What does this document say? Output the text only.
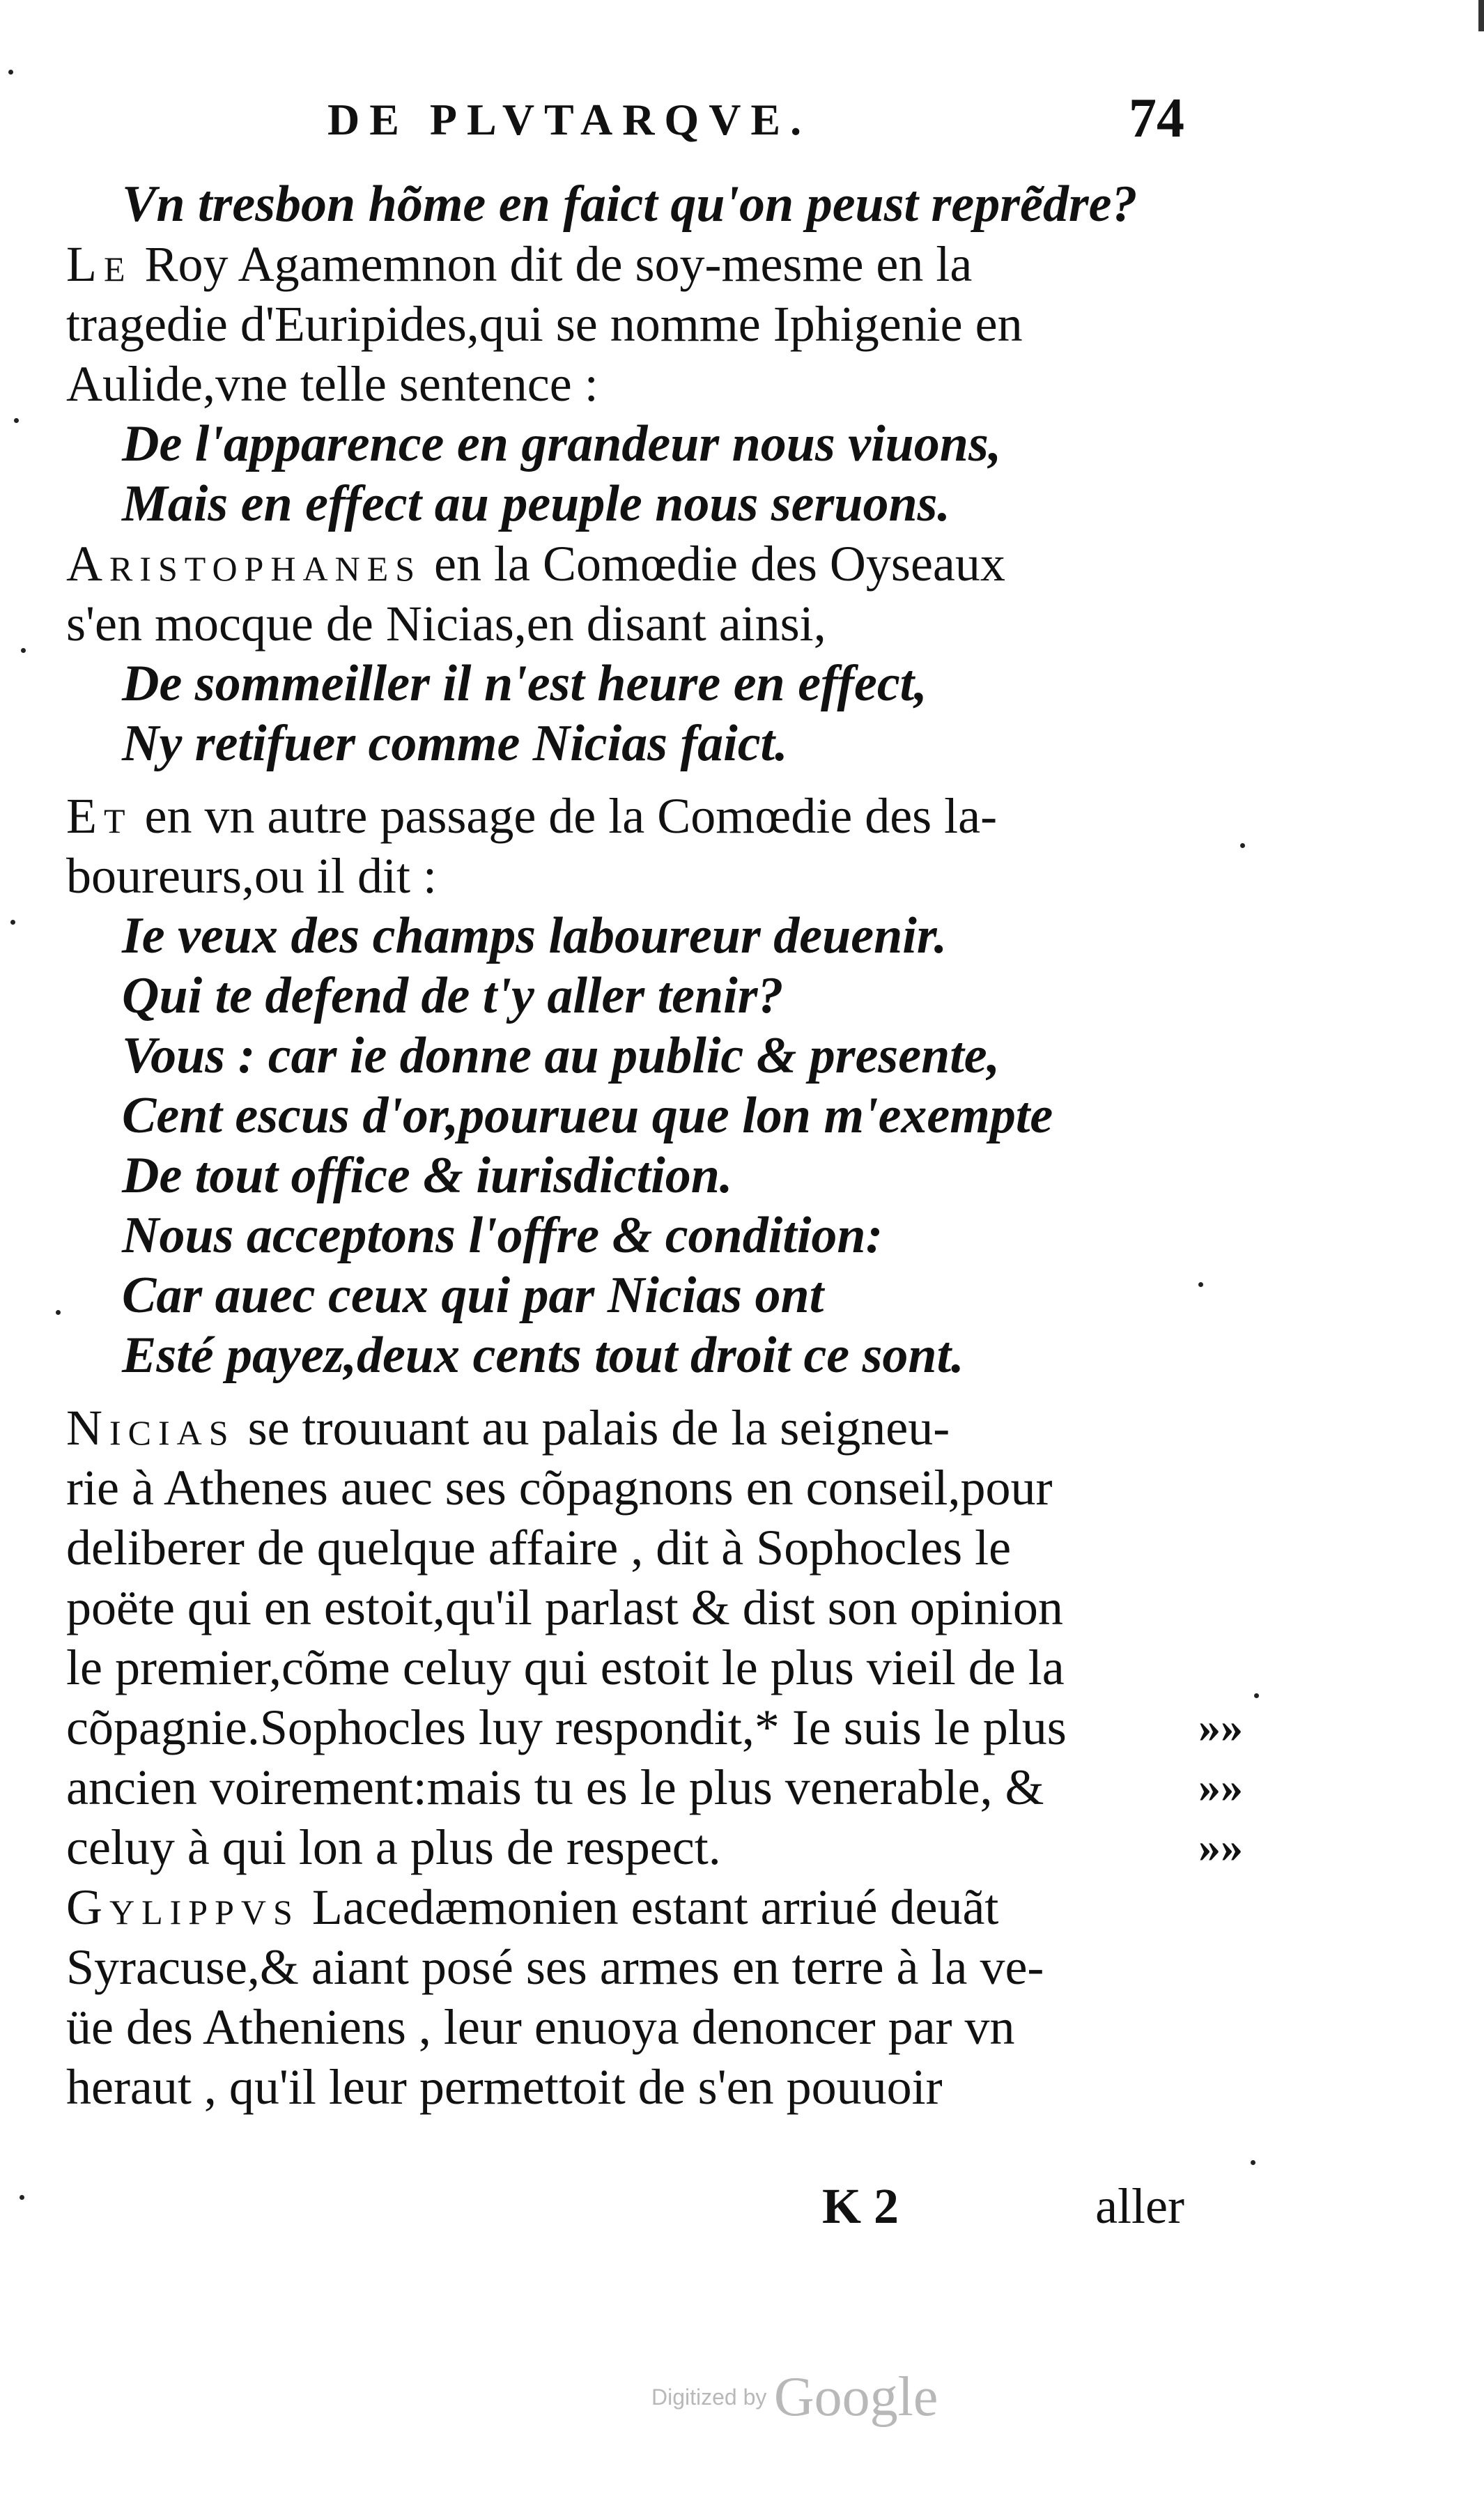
DE PLVTARQVE.	74
Vn tresbon hõme en faict qu'on peust reprẽdre?
Le Roy Agamemnon dit de soy-mesme en la
tragedie d'Euripides,qui se nomme Iphigenie en
Aulide,vne telle sentence :
De l'apparence en grandeur nous viuons,
Mais en effect au peuple nous seruons.
Aristophanes en la Comœdie des Oyseaux
s'en mocque de Nicias,en disant ainsi,
De sommeiller il n'est heure en effect,
Ny retifuer comme Nicias faict.
Et en vn autre passage de la Comœdie des la-
boureurs,ou il dit :
Ie veux des champs laboureur deuenir.
Qui te defend de t'y aller tenir?
Vous : car ie donne au public & presente,
Cent escus d'or,pourueu que lon m'exempte
De tout office & iurisdiction.
Nous acceptons l'offre & condition:
Car auec ceux qui par Nicias ont
Esté payez,deux cents tout droit ce sont.
Nicias se trouuant au palais de la seigneu-
rie à Athenes auec ses cõpagnons en conseil,pour
deliberer de quelque affaire , dit à Sophocles le
poëte qui en estoit,qu'il parlast & dist son opinion
le premier,cõme celuy qui estoit le plus vieil de la
cõpagnie.Sophocles luy respondit,* Ie suis le plus	»»
ancien voirement:mais tu es le plus venerable, &	»»
celuy à qui lon a plus de respect.	»»
Gylippvs Lacedæmonien estant arriué deuãt
Syracuse,& aiant posé ses armes en terre à la ve-
üe des Atheniens , leur enuoya denoncer par vn
heraut , qu'il leur permettoit de s'en pouuoir
K 2	aller
Digitized by Google
